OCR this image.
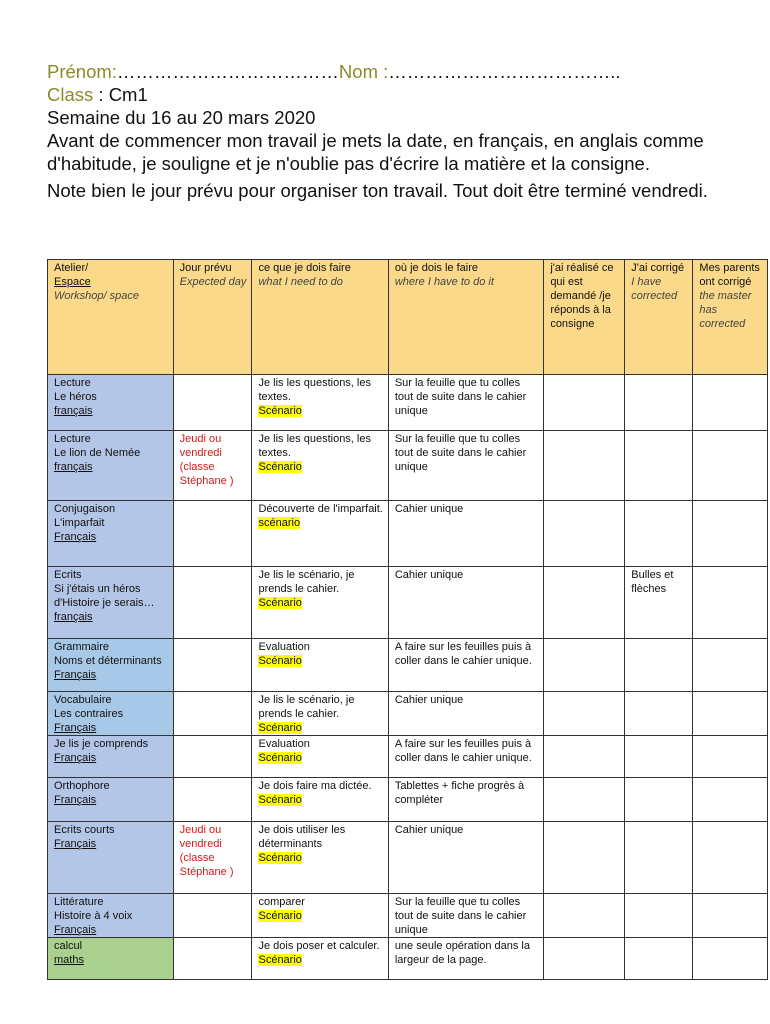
Prénom:………………………………Nom :………………………………..
Class : Cm1
Semaine du 16 au 20 mars 2020
Avant de commencer mon travail je mets la date, en français, en anglais comme d'habitude, je souligne et je n'oublie pas d'écrire la matière et la consigne.
Note bien le jour prévu pour organiser ton travail. Tout doit être terminé vendredi.
Atelier/
Espace
Workshop/ space	Jour prévu
Expected day	ce que je dois faire
what I need to do	où je dois le faire
where I have to do it	j'ai réalisé ce qui est demandé /je réponds à la consigne	J'ai corrigé
I have corrected	Mes parents ont corrigé
the master has corrected

Lecture
Le héros
français		Je lis les questions, les textes.
Scénario	Sur la feuille que tu colles tout de suite dans le cahier unique			

Lecture
Le lion de Nemée
français	Jeudi ou vendredi (classe Stéphane )	Je lis les questions, les textes.
Scénario	Sur la feuille que tu colles tout de suite dans le cahier unique			

Conjugaison
L'imparfait
Français		Découverte de l'imparfait.
scénario	Cahier unique			

Ecrits
Si j'étais un héros d'Histoire je serais…
français		Je lis le scénario, je prends le cahier.
Scénario	Cahier unique		Bulles et flèches	

Grammaire
Noms et déterminants
Français		Evaluation
Scénario	A faire sur les feuilles puis à coller dans le cahier unique.			

Vocabulaire
Les contraires
Français		Je lis le scénario, je prends le cahier.
Scénario	Cahier unique			

Je lis je comprends
Français		Evaluation
Scénario	A faire sur les feuilles puis à coller dans le cahier unique.			

Orthophore
Français		Je dois faire ma dictée.
Scénario	Tablettes + fiche progrès à compléter			

Ecrits courts
Français	Jeudi ou vendredi (classe Stéphane )	Je dois utiliser les déterminants
Scénario	Cahier unique			

Littérature
Histoire à 4 voix
Français		comparer
Scénario	Sur la feuille que tu colles tout de suite dans le cahier unique			

calcul
maths		Je dois poser et calculer.
Scénario	une seule opération dans la largeur de la page.			
